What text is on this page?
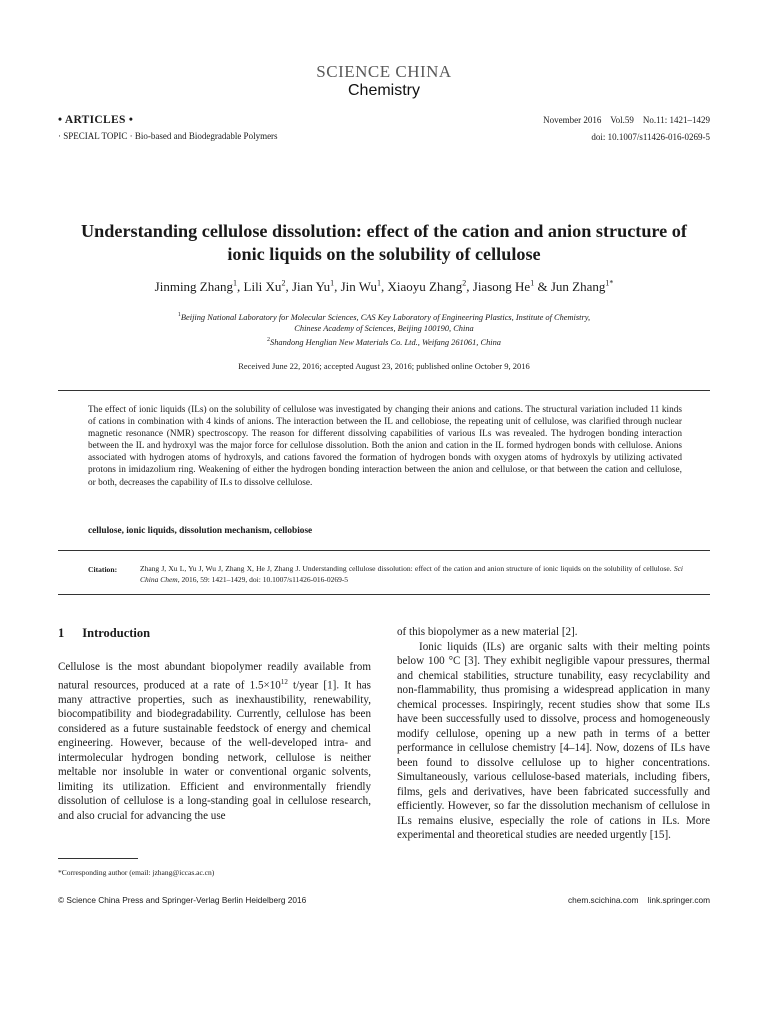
SCIENCE CHINA
Chemistry
• ARTICLES •
· SPECIAL TOPIC · Bio-based and Biodegradable Polymers
November 2016    Vol.59    No.11: 1421–1429
doi: 10.1007/s11426-016-0269-5
Understanding cellulose dissolution: effect of the cation and anion structure of ionic liquids on the solubility of cellulose
Jinming Zhang$^1$, Lili Xu$^2$, Jian Yu$^1$, Jin Wu$^1$, Xiaoyu Zhang$^2$, Jiasong He$^1$ & Jun Zhang$^{1*}$
$^1$Beijing National Laboratory for Molecular Sciences, CAS Key Laboratory of Engineering Plastics, Institute of Chemistry,
Chinese Academy of Sciences, Beijing 100190, China
$^2$Shandong Henglian New Materials Co. Ltd., Weifang 261061, China
Received June 22, 2016; accepted August 23, 2016; published online October 9, 2016
The effect of ionic liquids (ILs) on the solubility of cellulose was investigated by changing their anions and cations. The structural variation included 11 kinds of cations in combination with 4 kinds of anions. The interaction between the IL and cellobiose, the repeating unit of cellulose, was clarified through nuclear magnetic resonance (NMR) spectroscopy. The reason for different dissolving capabilities of various ILs was revealed. The hydrogen bonding interaction between the IL and hydroxyl was the major force for cellulose dissolution. Both the anion and cation in the IL formed hydrogen bonds with cellulose. Anions associated with hydrogen atoms of hydroxyls, and cations favored the formation of hydrogen bonds with oxygen atoms of hydroxyls by utilizing activated protons in imidazolium ring. Weakening of either the hydrogen bonding interaction between the anion and cellulose, or that between the cation and cellulose, or both, decreases the capability of ILs to dissolve cellulose.
cellulose, ionic liquids, dissolution mechanism, cellobiose
Citation:	Zhang J, Xu L, Yu J, Wu J, Zhang X, He J, Zhang J. Understanding cellulose dissolution: effect of the cation and anion structure of ionic liquids on the solubility of cellulose. Sci China Chem, 2016, 59: 1421–1429, doi: 10.1007/s11426-016-0269-5
1 Introduction
Cellulose is the most abundant biopolymer readily available from natural resources, produced at a rate of $1.5\times 10^{12}$ t/year [1]. It has many attractive properties, such as inexhaustibility, renewability, biocompatibility and biodegradability. Currently, cellulose has been considered as a future sustainable feedstock of energy and chemical engineering. However, because of the well-developed intra- and intermolecular hydrogen bonding network, cellulose is neither meltable nor insoluble in water or conventional organic solvents, limiting its utilization. Efficient and environmentally friendly dissolution of cellulose is a long-standing goal in cellulose research, and also crucial for advancing the use
of this biopolymer as a new material [2].
Ionic liquids (ILs) are organic salts with their melting points below 100 °C [3]. They exhibit negligible vapour pressures, thermal and chemical stabilities, structure tunability, easy recyclability and non-flammability, thus promising a widespread application in many chemical processes. Inspiringly, recent studies show that some ILs have been successfully used to dissolve, process and homogeneously modify cellulose, opening up a new path in terms of a better performance in cellulose chemistry [4–14]. Now, dozens of ILs have been found to dissolve cellulose up to higher concentrations. Simultaneously, various cellulose-based materials, including fibers, films, gels and derivatives, have been fabricated successfully and efficiently. However, so far the dissolution mechanism of cellulose in ILs remains elusive, especially the role of cations in ILs. More experimental and theoretical studies are needed urgently [15].
*Corresponding author (email: jzhang@iccas.ac.cn)
© Science China Press and Springer-Verlag Berlin Heidelberg 2016	chem.scichina.com    link.springer.com
